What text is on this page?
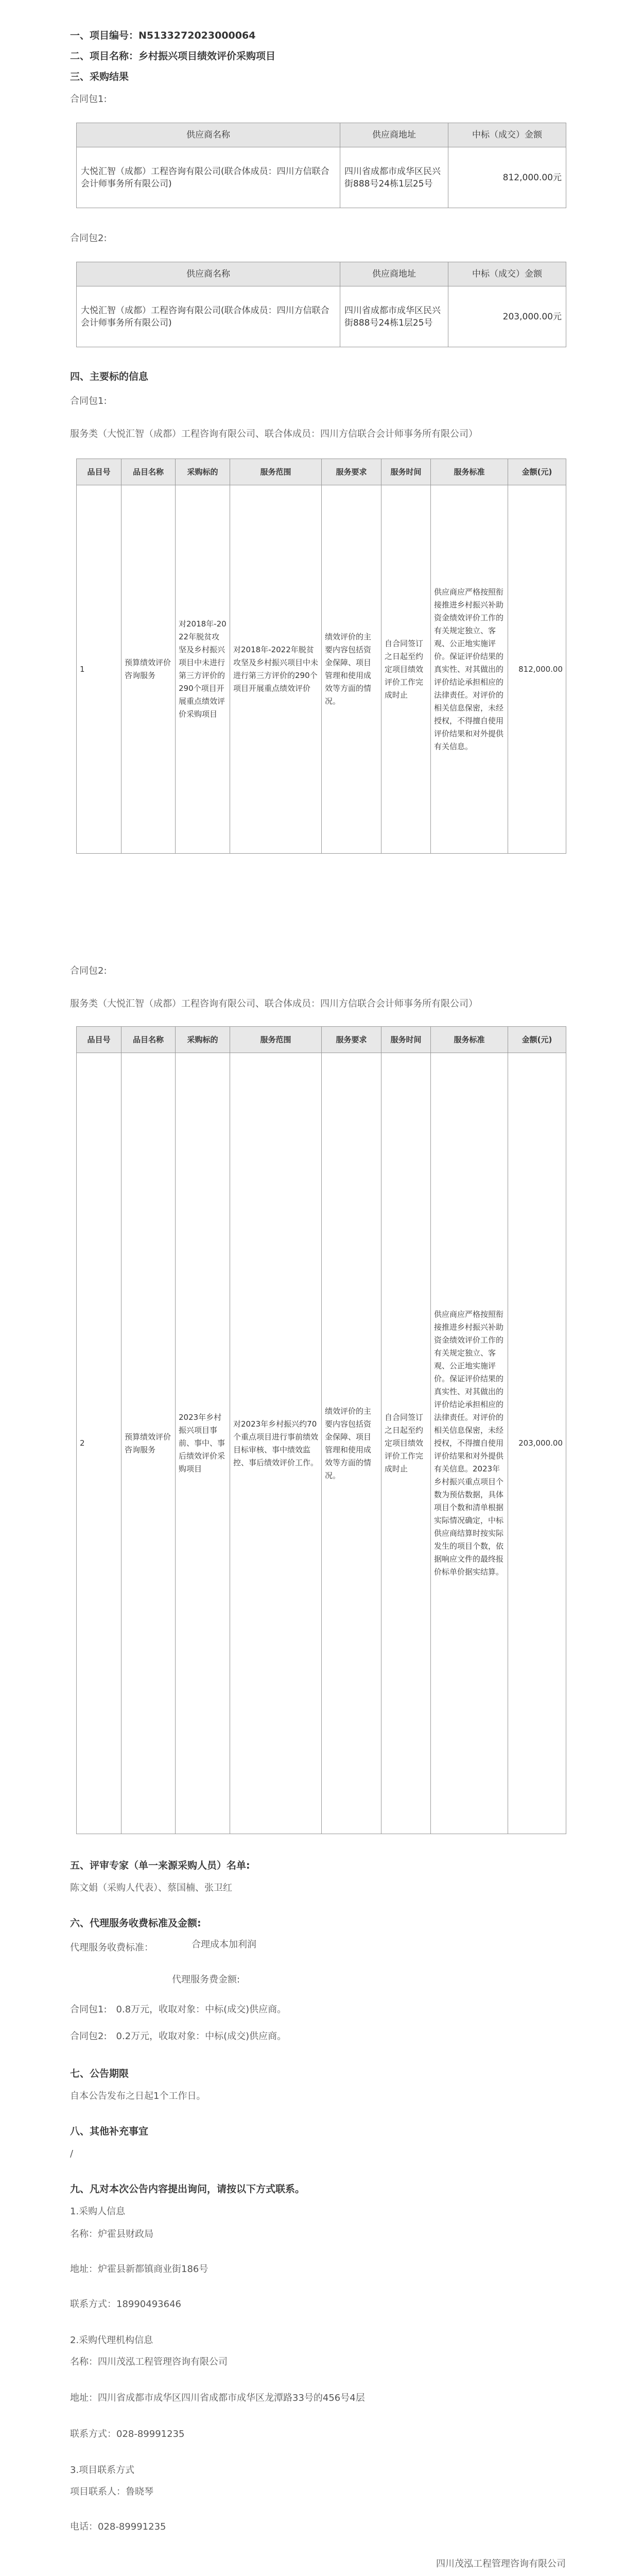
一、项目编号：N5133272023000064
二、项目名称：乡村振兴项目绩效评价采购项目
三、采购结果
合同包1:
供应商名称	供应商地址	中标（成交）金额
大悦汇智（成都）工程咨询有限公司(联合体成员：四川方信联合会计师事务所有限公司)	四川省成都市成华区民兴街888号24栋1层25号	812,000.00元
合同包2:
供应商名称	供应商地址	中标（成交）金额
大悦汇智（成都）工程咨询有限公司(联合体成员：四川方信联合会计师事务所有限公司)	四川省成都市成华区民兴街888号24栋1层25号	203,000.00元
四、主要标的信息
合同包1:
服务类（大悦汇智（成都）工程咨询有限公司、联合体成员：四川方信联合会计师事务所有限公司）
品目号	品目名称	采购标的	服务范围	服务要求	服务时间	服务标准	金额(元)
1	预算绩效评价咨询服务	对2018年-2022年脱贫攻坚及乡村振兴项目中未进行第三方评价的290个项目开展重点绩效评价采购项目	对2018年-2022年脱贫攻坚及乡村振兴项目中未进行第三方评价的290个项目开展重点绩效评价	绩效评价的主要内容包括资金保障、项目管理和使用成效等方面的情况。	自合同签订之日起至约定项目绩效评价工作完成时止	供应商应严格按照衔接推进乡村振兴补助资金绩效评价工作的有关规定独立、客观、公正地实施评价。保证评价结果的真实性、对其做出的评价结论承担相应的法律责任。对评价的相关信息保密，未经授权，不得擅自使用评价结果和对外提供有关信息。	812,000.00
合同包2:
服务类（大悦汇智（成都）工程咨询有限公司、联合体成员：四川方信联合会计师事务所有限公司）
品目号	品目名称	采购标的	服务范围	服务要求	服务时间	服务标准	金额(元)
2	预算绩效评价咨询服务	2023年乡村振兴项目事前、事中、事后绩效评价采购项目	对2023年乡村振兴约70个重点项目进行事前绩效目标审核、事中绩效监控、事后绩效评价工作。	绩效评价的主要内容包括资金保障、项目管理和使用成效等方面的情况。	自合同签订之日起至约定项目绩效评价工作完成时止	供应商应严格按照衔接推进乡村振兴补助资金绩效评价工作的有关规定独立、客观、公正地实施评价。保证评价结果的真实性、对其做出的评价结论承担相应的法律责任。对评价的相关信息保密，未经授权，不得擅自使用评价结果和对外提供有关信息。2023年乡村振兴重点项目个数为预估数据，具体项目个数和清单根据实际情况确定，中标供应商结算时按实际发生的项目个数，依据响应文件的最终报价标单价据实结算。	203,000.00
五、评审专家（单一来源采购人员）名单:
陈文娟（采购人代表）、蔡国楠、张卫红
六、代理服务收费标准及金额:
代理服务收费标准：	合理成本加利润
代理服务费金额:
合同包1:　0.8万元，收取对象：中标(成交)供应商。
合同包2:　0.2万元，收取对象：中标(成交)供应商。
七、公告期限
自本公告发布之日起1个工作日。
八、其他补充事宜
/
九、凡对本次公告内容提出询问，请按以下方式联系。
1.采购人信息
名称：炉霍县财政局
地址：炉霍县新都镇商业街186号
联系方式：18990493646
2.采购代理机构信息
名称：四川茂泓工程管理咨询有限公司
地址：四川省成都市成华区四川省成都市成华区龙潭路33号的456号4层
联系方式：028-89991235
3.项目联系方式
项目联系人：鲁晓琴
电话：028-89991235
四川茂泓工程管理咨询有限公司
